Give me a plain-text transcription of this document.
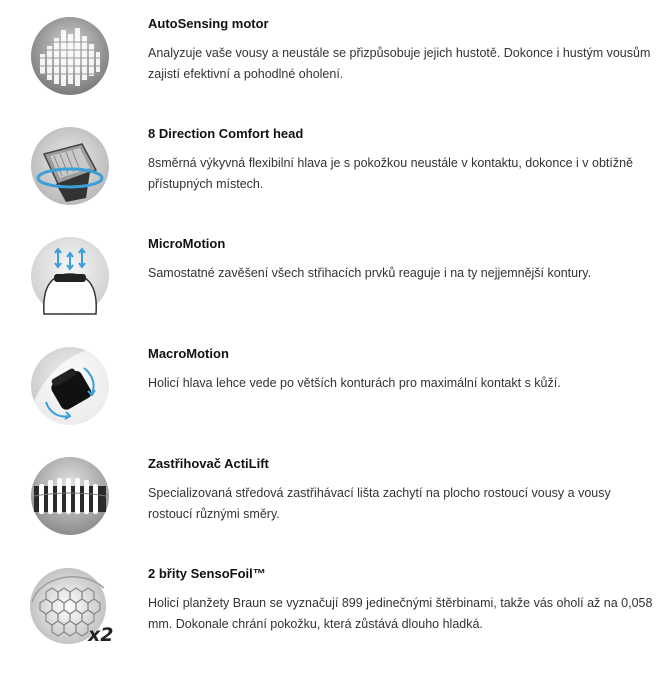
AutoSensing motor
Analyzuje vaše vousy a neustále se přizpůsobuje jejich hustotě. Dokonce i hustým vousům zajistí efektivní a pohodlné oholení.
8 Direction Comfort head
8směrná výkyvná flexibilní hlava je s pokožkou neustále v kontaktu, dokonce i v obtížně přístupných místech.
MicroMotion
Samostatné zavěšení všech střihacích prvků reaguje i na ty nejjemnější kontury.
MacroMotion
Holicí hlava lehce vede po větších konturách pro maximální kontakt s kůží.
Zastřihovač ActiLift
Specializovaná středová zastřihávací lišta zachytí na plocho rostoucí vousy a vousy rostoucí různými směry.
x2
2 břity SensoFoil™
Holicí planžety Braun se vyznačují 899 jedinečnými štěrbinami, takže vás oholí až na 0,058 mm. Dokonale chrání pokožku, která zůstává dlouho hladká.
